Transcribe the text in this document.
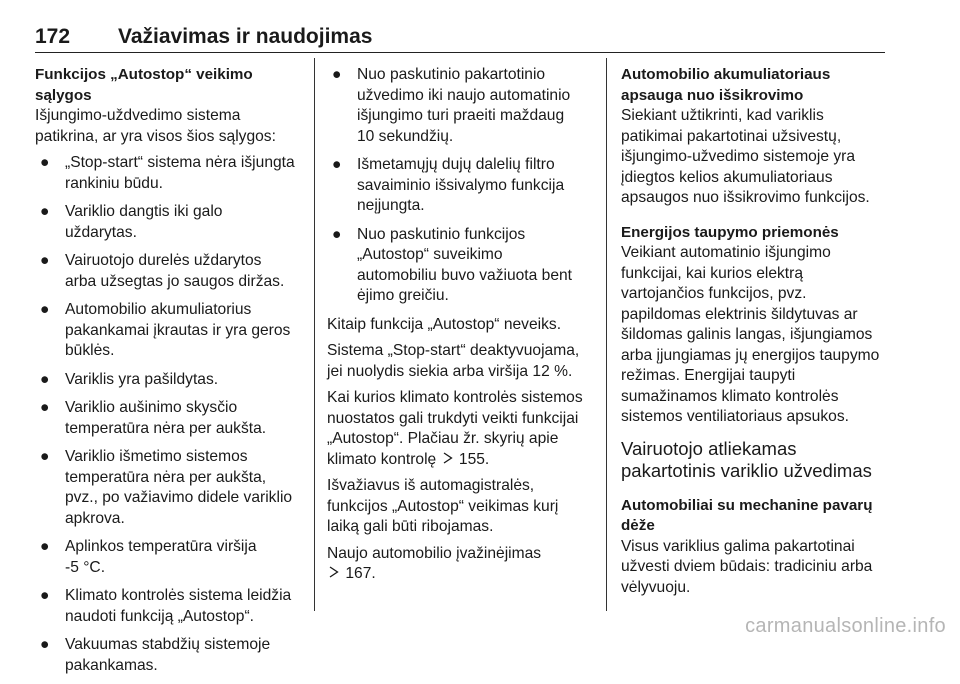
172 Važiavimas ir naudojimas
Funkcijos „Autostop“ veikimo sąlygos

Išjungimo-uždvedimo sistema
patikrina, ar yra visos šios sąlygos:

● „Stop-start“ sistema nėra išjungta
rankiniu būdu.
● Variklio dangtis iki galo
uždarytas.
● Vairuotojo durelės uždarytos
arba užsegtas jo saugos diržas.
● Automobilio akumuliatorius
pakankamai įkrautas ir yra geros
būklės.
● Variklis yra pašildytas.
● Variklio aušinimo skysčio
temperatūra nėra per aukšta.
● Variklio išmetimo sistemos
temperatūra nėra per aukšta,
pvz., po važiavimo didele variklio
apkrova.
● Aplinkos temperatūra viršija
-5 °C.
● Klimato kontrolės sistema leidžia
naudoti funkciją „Autostop“.
● Vakuumas stabdžių sistemoje
pakankamas.
● Nuo paskutinio pakartotinio
užvedimo iki naujo automatinio
išjungimo turi praeiti maždaug
10 sekundžių.
● Išmetamųjų dujų dalelių filtro
savaiminio išsivalymo funkcija
neįjungta.
● Nuo paskutinio funkcijos
„Autostop“ suveikimo
automobiliu buvo važiuota bent
ėjimo greičiu.

Kitaip funkcija „Autostop“ neveiks.

Sistema „Stop-start“ deaktyvuojama,
jei nuolydis siekia arba viršija 12 %.

Kai kurios klimato kontrolės sistemos
nuostatos gali trukdyti veikti funkcijai
„Autostop“. Plačiau žr. skyrių apie
klimato kontrolę 155.

Išvažiavus iš automagistralės,
funkcijos „Autostop“ veikimas kurį
laiką gali būti ribojamas.

Naujo automobilio įvažinėjimas
167.

Automobilio akumuliatoriaus
apsauga nuo išsikrovimo

Siekiant užtikrinti, kad variklis
patikimai pakartotinai užsivestų,
išjungimo-užvedimo sistemoje yra
įdiegtos kelios akumuliatoriaus
apsaugos nuo išsikrovimo funkcijos.

Energijos taupymo priemonės

Veikiant automatinio išjungimo
funkcijai, kai kurios elektrą
vartojančios funkcijos, pvz.
papildomas elektrinis šildytuvas ar
šildomas galinis langas, išjungiamos
arba įjungiamas jų energijos taupymo
režimas. Energijai taupyti
sumažinamos klimato kontrolės
sistemos ventiliatoriaus apsukos.

Vairuotojo atliekamas
pakartotinis variklio užvedimas
Automobiliai su mechanine pavarų
dėže

Visus variklius galima pakartotinai
užvesti dviem būdais: tradiciniu arba
vėlyvuoju.

carmanualsonline.info
